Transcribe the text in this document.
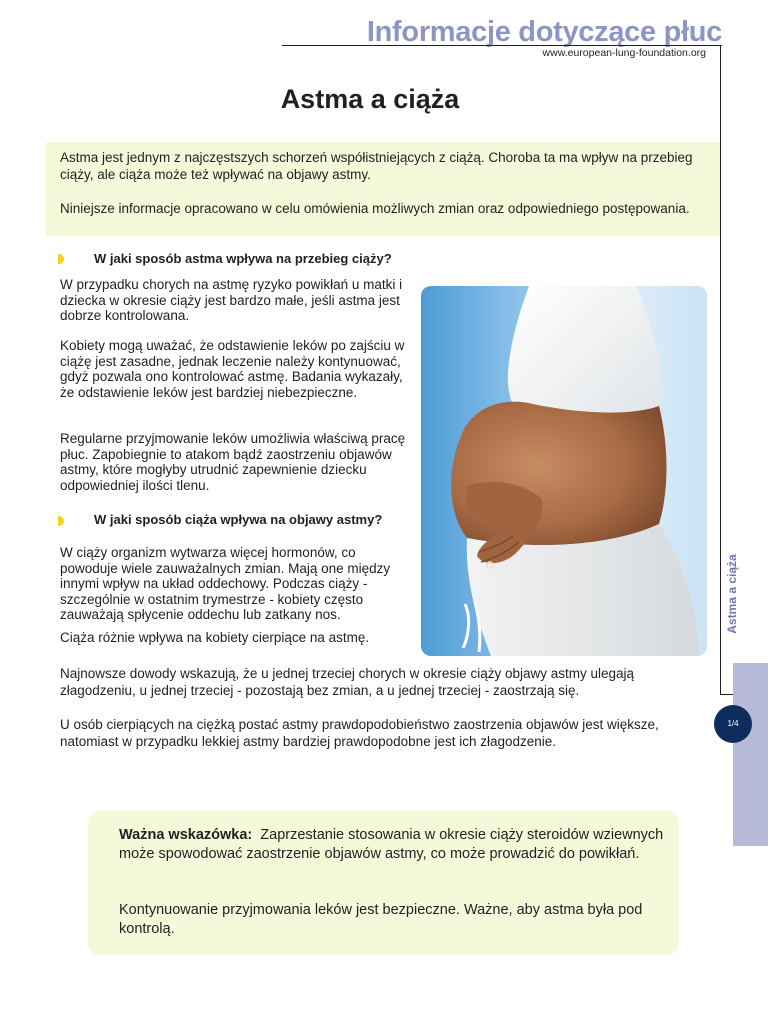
Informacje dotyczące płuc
www.european-lung-foundation.org
Astma a ciąża

Astma jest jednym z najczęstszych schorzeń współistniejących z ciążą. Choroba ta ma wpływ na przebieg ciąży, ale ciąża może też wpływać na objawy astmy.

Niniejsze informacje opracowano w celu omówienia możliwych zmian oraz odpowiedniego postępowania.

W jaki sposób astma wpływa na przebieg ciąży?

W przypadku chorych na astmę ryzyko powikłań u matki i dziecka w okresie ciąży jest bardzo małe, jeśli astma jest dobrze kontrolowana.

Kobiety mogą uważać, że odstawienie leków po zajściu w ciążę jest zasadne, jednak leczenie należy kontynuować, gdyż pozwala ono kontrolować astmę. Badania wykazały, że odstawienie leków jest bardziej niebezpieczne.

Regularne przyjmowanie leków umożliwia właściwą pracę płuc. Zapobiegnie to atakom bądź zaostrzeniu objawów astmy, które mogłyby utrudnić zapewnienie dziecku odpowiedniej ilości tlenu.

W jaki sposób ciąża wpływa na objawy astmy?

W ciąży organizm wytwarza więcej hormonów, co powoduje wiele zauważalnych zmian. Mają one między innymi wpływ na układ oddechowy. Podczas ciąży - szczególnie w ostatnim trymestrze - kobiety często zauważają spłycenie oddechu lub zatkany nos.

Ciąża różnie wpływa na kobiety cierpiące na astmę.

Najnowsze dowody wskazują, że u jednej trzeciej chorych w okresie ciąży objawy astmy ulegają złagodzeniu, u jednej trzeciej - pozostają bez zmian, a u jednej trzeciej - zaostrzają się.

U osób cierpiących na ciężką postać astmy prawdopodobieństwo zaostrzenia objawów jest większe, natomiast w przypadku lekkiej astmy bardziej prawdopodobne jest ich złagodzenie.

Astma a ciąża
1/4

Ważna wskazówka: Zaprzestanie stosowania w okresie ciąży steroidów wziewnych może spowodować zaostrzenie objawów astmy, co może prowadzić do powikłań.

Kontynuowanie przyjmowania leków jest bezpieczne. Ważne, aby astma była pod kontrolą.
